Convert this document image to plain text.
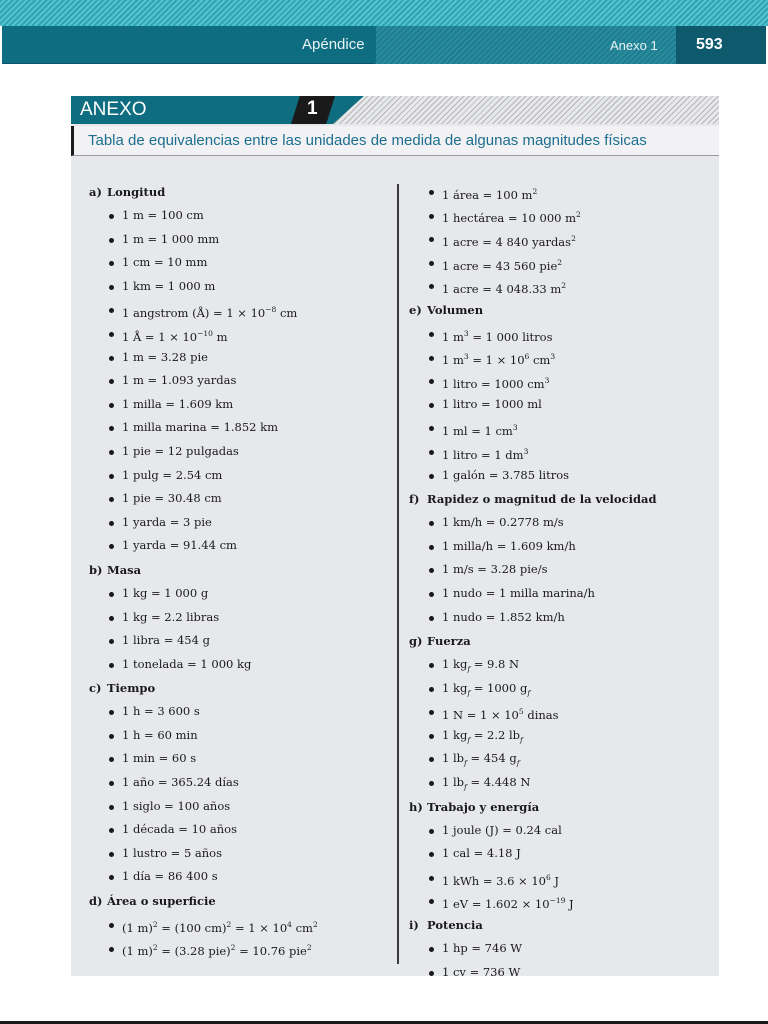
Apéndice	Anexo 1 593
ANEXO	1
Tabla de equivalencias entre las unidades de medida de algunas magnitudes físicas
a) Longitud
1 m = 100 cm
1 m = 1 000 mm
1 cm = 10 mm
1 km = 1 000 m
1 angstrom (Å) = $1 \times 10^{-8}$ cm
1 Å = $1 \times 10^{-10}$ m
1 m = 3.28 pie
1 m = 1.093 yardas
1 milla = 1.609 km
1 milla marina = 1.852 km
1 pie = 12 pulgadas
1 pulg = 2.54 cm
1 pie = 30.48 cm
1 yarda = 3 pie
1 yarda = 91.44 cm
b) Masa
1 kg = 1 000 g
1 kg = 2.2 libras
1 libra = 454 g
1 tonelada = 1 000 kg
c) Tiempo
1 h = 3 600 s
1 h = 60 min
1 min = 60 s
1 año = 365.24 días
1 siglo = 100 años
1 década = 10 años
1 lustro = 5 años
1 día = 86 400 s
d) Área o superficie
(1 m)$^2$ = (100 $cm)^2 = 1 \times 10^4$ $cm^2$
(1 m)$^2$ = (3.28 pie)$^2$ = 10.76 pie$^2$
1 área = 100 $m^2$
1 hectárea = 10 000 $m^2$
1 acre = 4 840 yardas$^2$
1 acre = 43 560 pie$^2$
1 acre = 4 048.33 $m^2$
e) Volumen
1 $m^3 = 1$ 000 litros
1 $m^3 = 1 \times 10^6$ $cm^3$
1 litro = 1000 $cm^3$
1 litro = 1000 ml
1 ml = 1 $cm^3$
1 litro = 1 $dm^3$
1 galón = 3.785 litros
f) Rapidez o magnitud de la velocidad
1 km/h = 0.2778 m/s
1 milla/h = 1.609 km/h
1 m/s = 3.28 pie/s
1 nudo = 1 milla marina/h
1 nudo = 1.852 km/h
g) Fuerza
1 $kg_f = 9.8$ N
1 $kg_f = 1000$ $g_f$
1 $N = 1 \times 10^5$ dinas
1 $kg_f = 2.2$ $lb_f$
1 $lb_f = 454$ $g_f$
1 $lb_f = 4.448$ N
h) Trabajo y energía
1 joule (J) = 0.24 cal
1 cal = 4.18 J
1 kWh = $3.6 \times 10^6$ J
1 eV = $1.602 \times 10^{-19}$ J
i) Potencia
1 hp = 746 W
1 cv = 736 W
